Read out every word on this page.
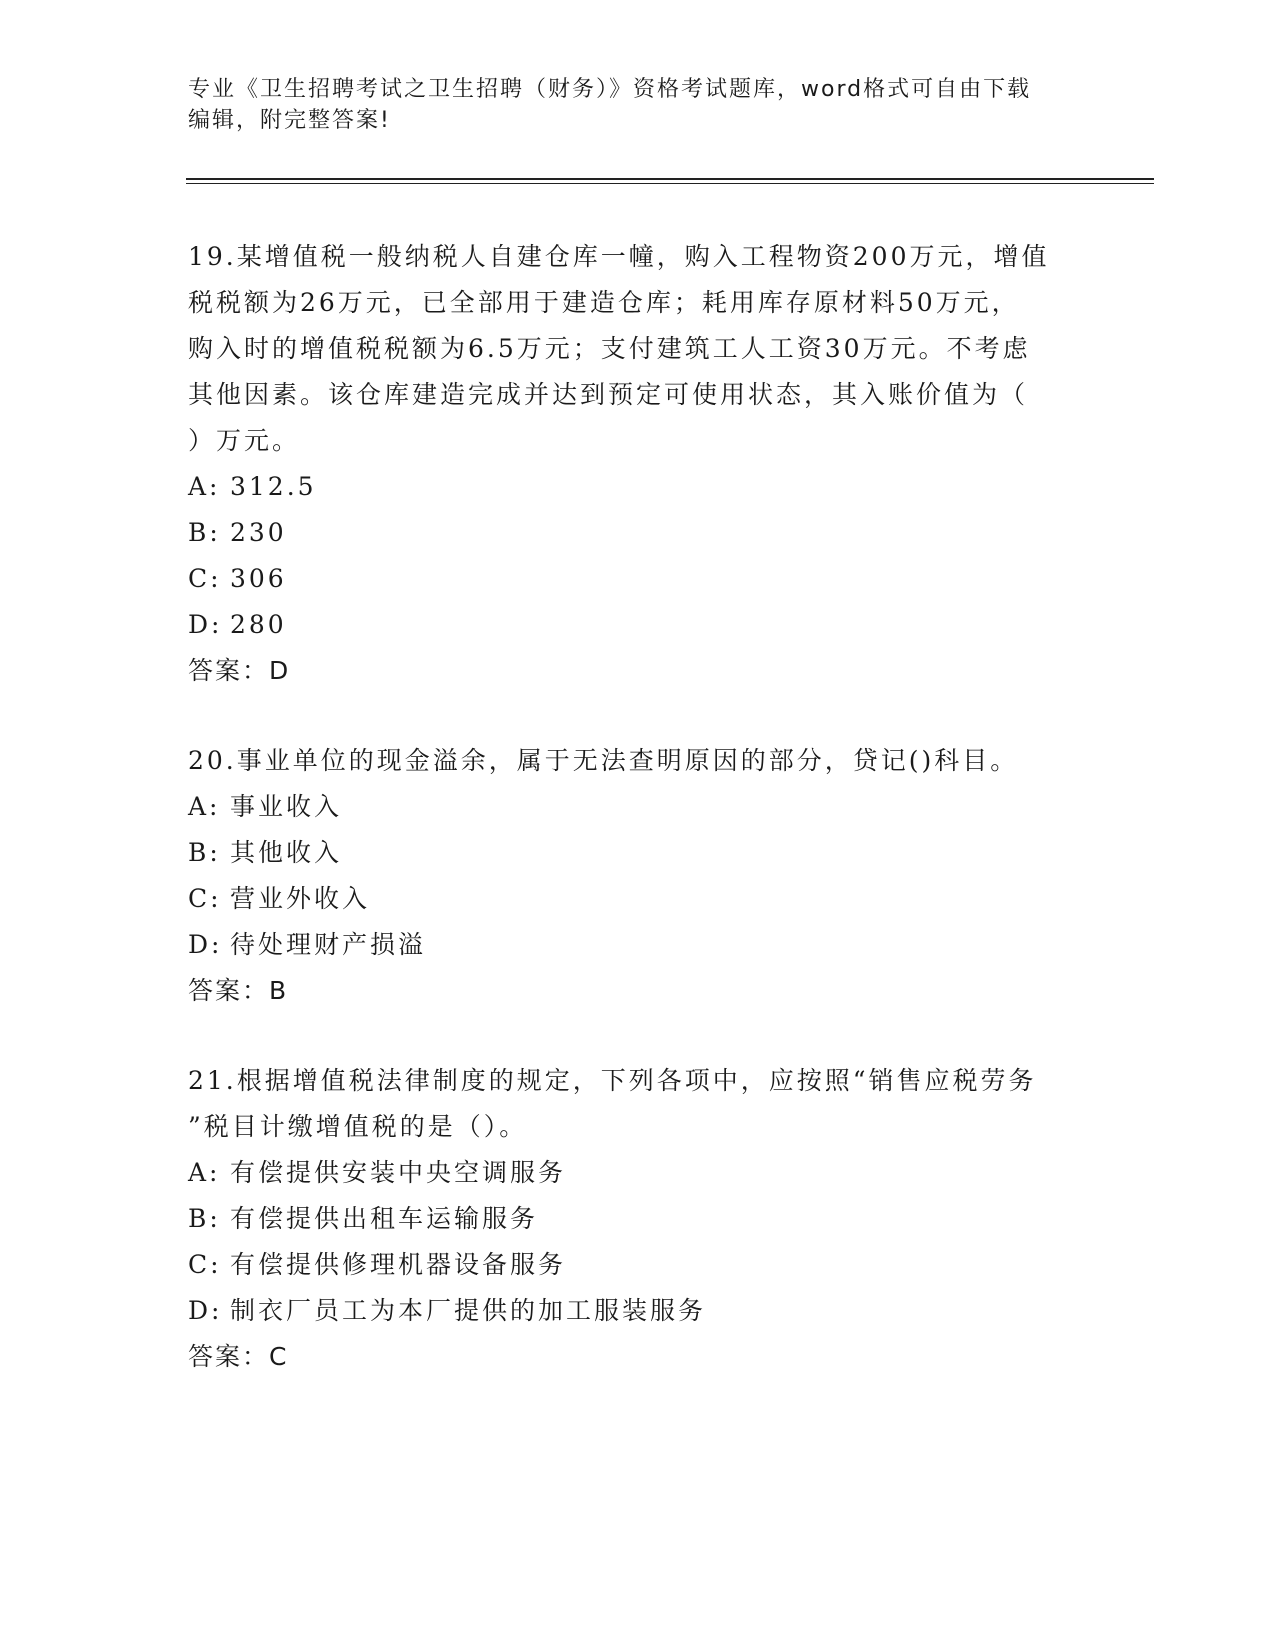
专业《卫生招聘考试之卫生招聘（财务）》资格考试题库，word格式可自由下载

编辑，附完整答案!

19.某增值税一般纳税人自建仓库一幢，购入工程物资200万元，增值

税税额为26万元，已全部用于建造仓库；耗用库存原材料50万元，

购入时的增值税税额为6.5万元；支付建筑工人工资30万元。不考虑

其他因素。该仓库建造完成并达到预定可使用状态，其入账价值为（

）万元。

A: 312.5
B: 230
C: 306
D: 280
答案：D

20.事业单位的现金溢余，属于无法查明原因的部分，贷记()科目。

A: 事业收入
B: 其他收入
C: 营业外收入
D: 待处理财产损溢
答案：B

21.根据增值税法律制度的规定，下列各项中，应按照“销售应税劳务

”税目计缴增值税的是（）。

A: 有偿提供安装中央空调服务
B: 有偿提供出租车运输服务
C: 有偿提供修理机器设备服务
D: 制衣厂员工为本厂提供的加工服装服务
答案：C
